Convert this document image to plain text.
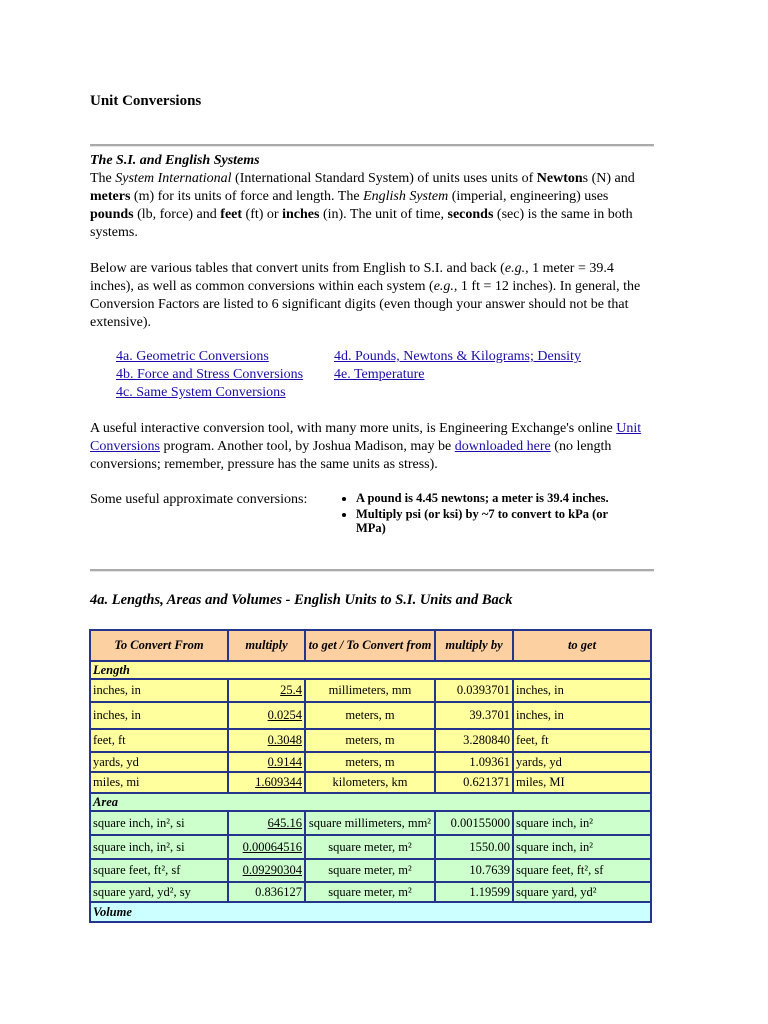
Unit Conversions

The S.I. and English Systems

The System International (International Standard System) of units uses units of Newtons (N) and meters (m) for its units of force and length. The English System (imperial, engineering) uses pounds (lb, force) and feet (ft) or inches (in). The unit of time, seconds (sec) is the same in both systems.

Below are various tables that convert units from English to S.I. and back (e.g., 1 meter = 39.4 inches), as well as common conversions within each system (e.g., 1 ft = 12 inches). In general, the Conversion Factors are listed to 6 significant digits (even though your answer should not be that extensive).

4a. Geometric Conversions	4d. Pounds, Newtons & Kilograms; Density
4b. Force and Stress Conversions	4e. Temperature
4c. Same System Conversions

A useful interactive conversion tool, with many more units, is Engineering Exchange's online Unit Conversions program. Another tool, by Joshua Madison, may be downloaded here (no length conversions; remember, pressure has the same units as stress).

Some useful approximate conversions:	• A pound is 4.45 newtons; a meter is 39.4 inches.
• Multiply psi (or ksi) by ~7 to convert to kPa (or MPa)
4a. Lengths, Areas and Volumes - English Units to S.I. Units and Back
To Convert From	multiply	to get / To Convert from	multiply by	to get
Length				
inches, in	25.4	millimeters, mm	0.0393701	inches, in
inches, in	0.0254	meters, m	39.3701	inches, in
feet, ft	0.3048	meters, m	3.280840	feet, ft
yards, yd	0.9144	meters, m	1.09361	yards, yd
miles, mi	1.609344	kilometers, km	0.621371	miles, MI
Area				
square inch, in², si	645.16	square millimeters, mm²	0.00155000	square inch, in²
square inch, in², si	0.00064516	square meter, m²	1550.00	square inch, in²
square feet, ft², sf	0.09290304	square meter, m²	10.7639	square feet, ft², sf
square yard, yd², sy	0.836127	square meter, m²	1.19599	square yard, yd²
Volume				
